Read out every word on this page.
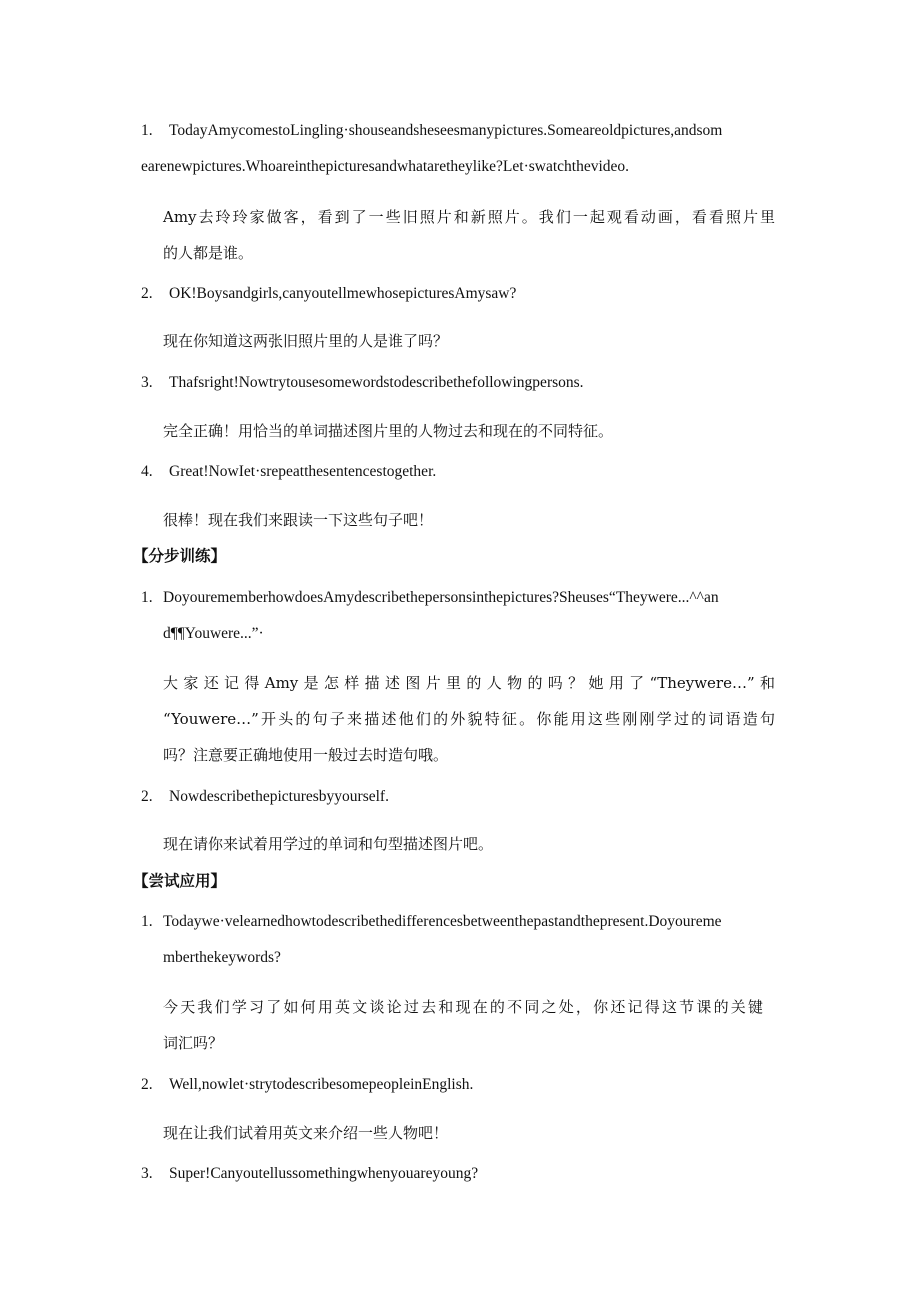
1. TodayAmycomestoLingling·shouseandsheseesmanypictures.Someareoldpictures,andsom
earenewpictures.Whoareinthepicturesandwhataretheylike?Let·swatchthevideo.
Amy去玲玲家做客，看到了一些旧照片和新照片。我们一起观看动画，看看照片里
的人都是谁。
2. OK!Boysandgirls,canyoutellmewhosepicturesAmysaw?
现在你知道这两张旧照片里的人是谁了吗？
3. Thafsright!Nowtrytousesomewordstodescribethefollowingpersons.
完全正确！用恰当的单词描述图片里的人物过去和现在的不同特征。
4. Great!NowIet·srepeatthesentencestogether.
很棒！现在我们来跟读一下这些句子吧！
【分步训练】
1. DoyourememberhowdoesAmydescribethepersonsinthepictures?Sheuses“Theywere...^^an
d¶¶Youwere...”·
大家还记得Amy是怎样描述图片里的人物的吗？她用了“Theywere…”和
“Youwere…”开头的句子来描述他们的外貌特征。你能用这些刚刚学过的词语造句
吗？注意要正确地使用一般过去时造句哦。
2. Nowdescribethepicturesbyyourself.
现在请你来试着用学过的单词和句型描述图片吧。
【尝试应用】
1. Todaywe·velearnedhowtodescribethedifferencesbetweenthepastandthepresent.Doyoureme
mberthekeywords?
今天我们学习了如何用英文谈论过去和现在的不同之处，你还记得这节课的关键
词汇吗？
2. Well,nowlet·strytodescribesomepeopleinEnglish.
现在让我们试着用英文来介绍一些人物吧！
3. Super!Canyoutellussomethingwhenyouareyoung?
